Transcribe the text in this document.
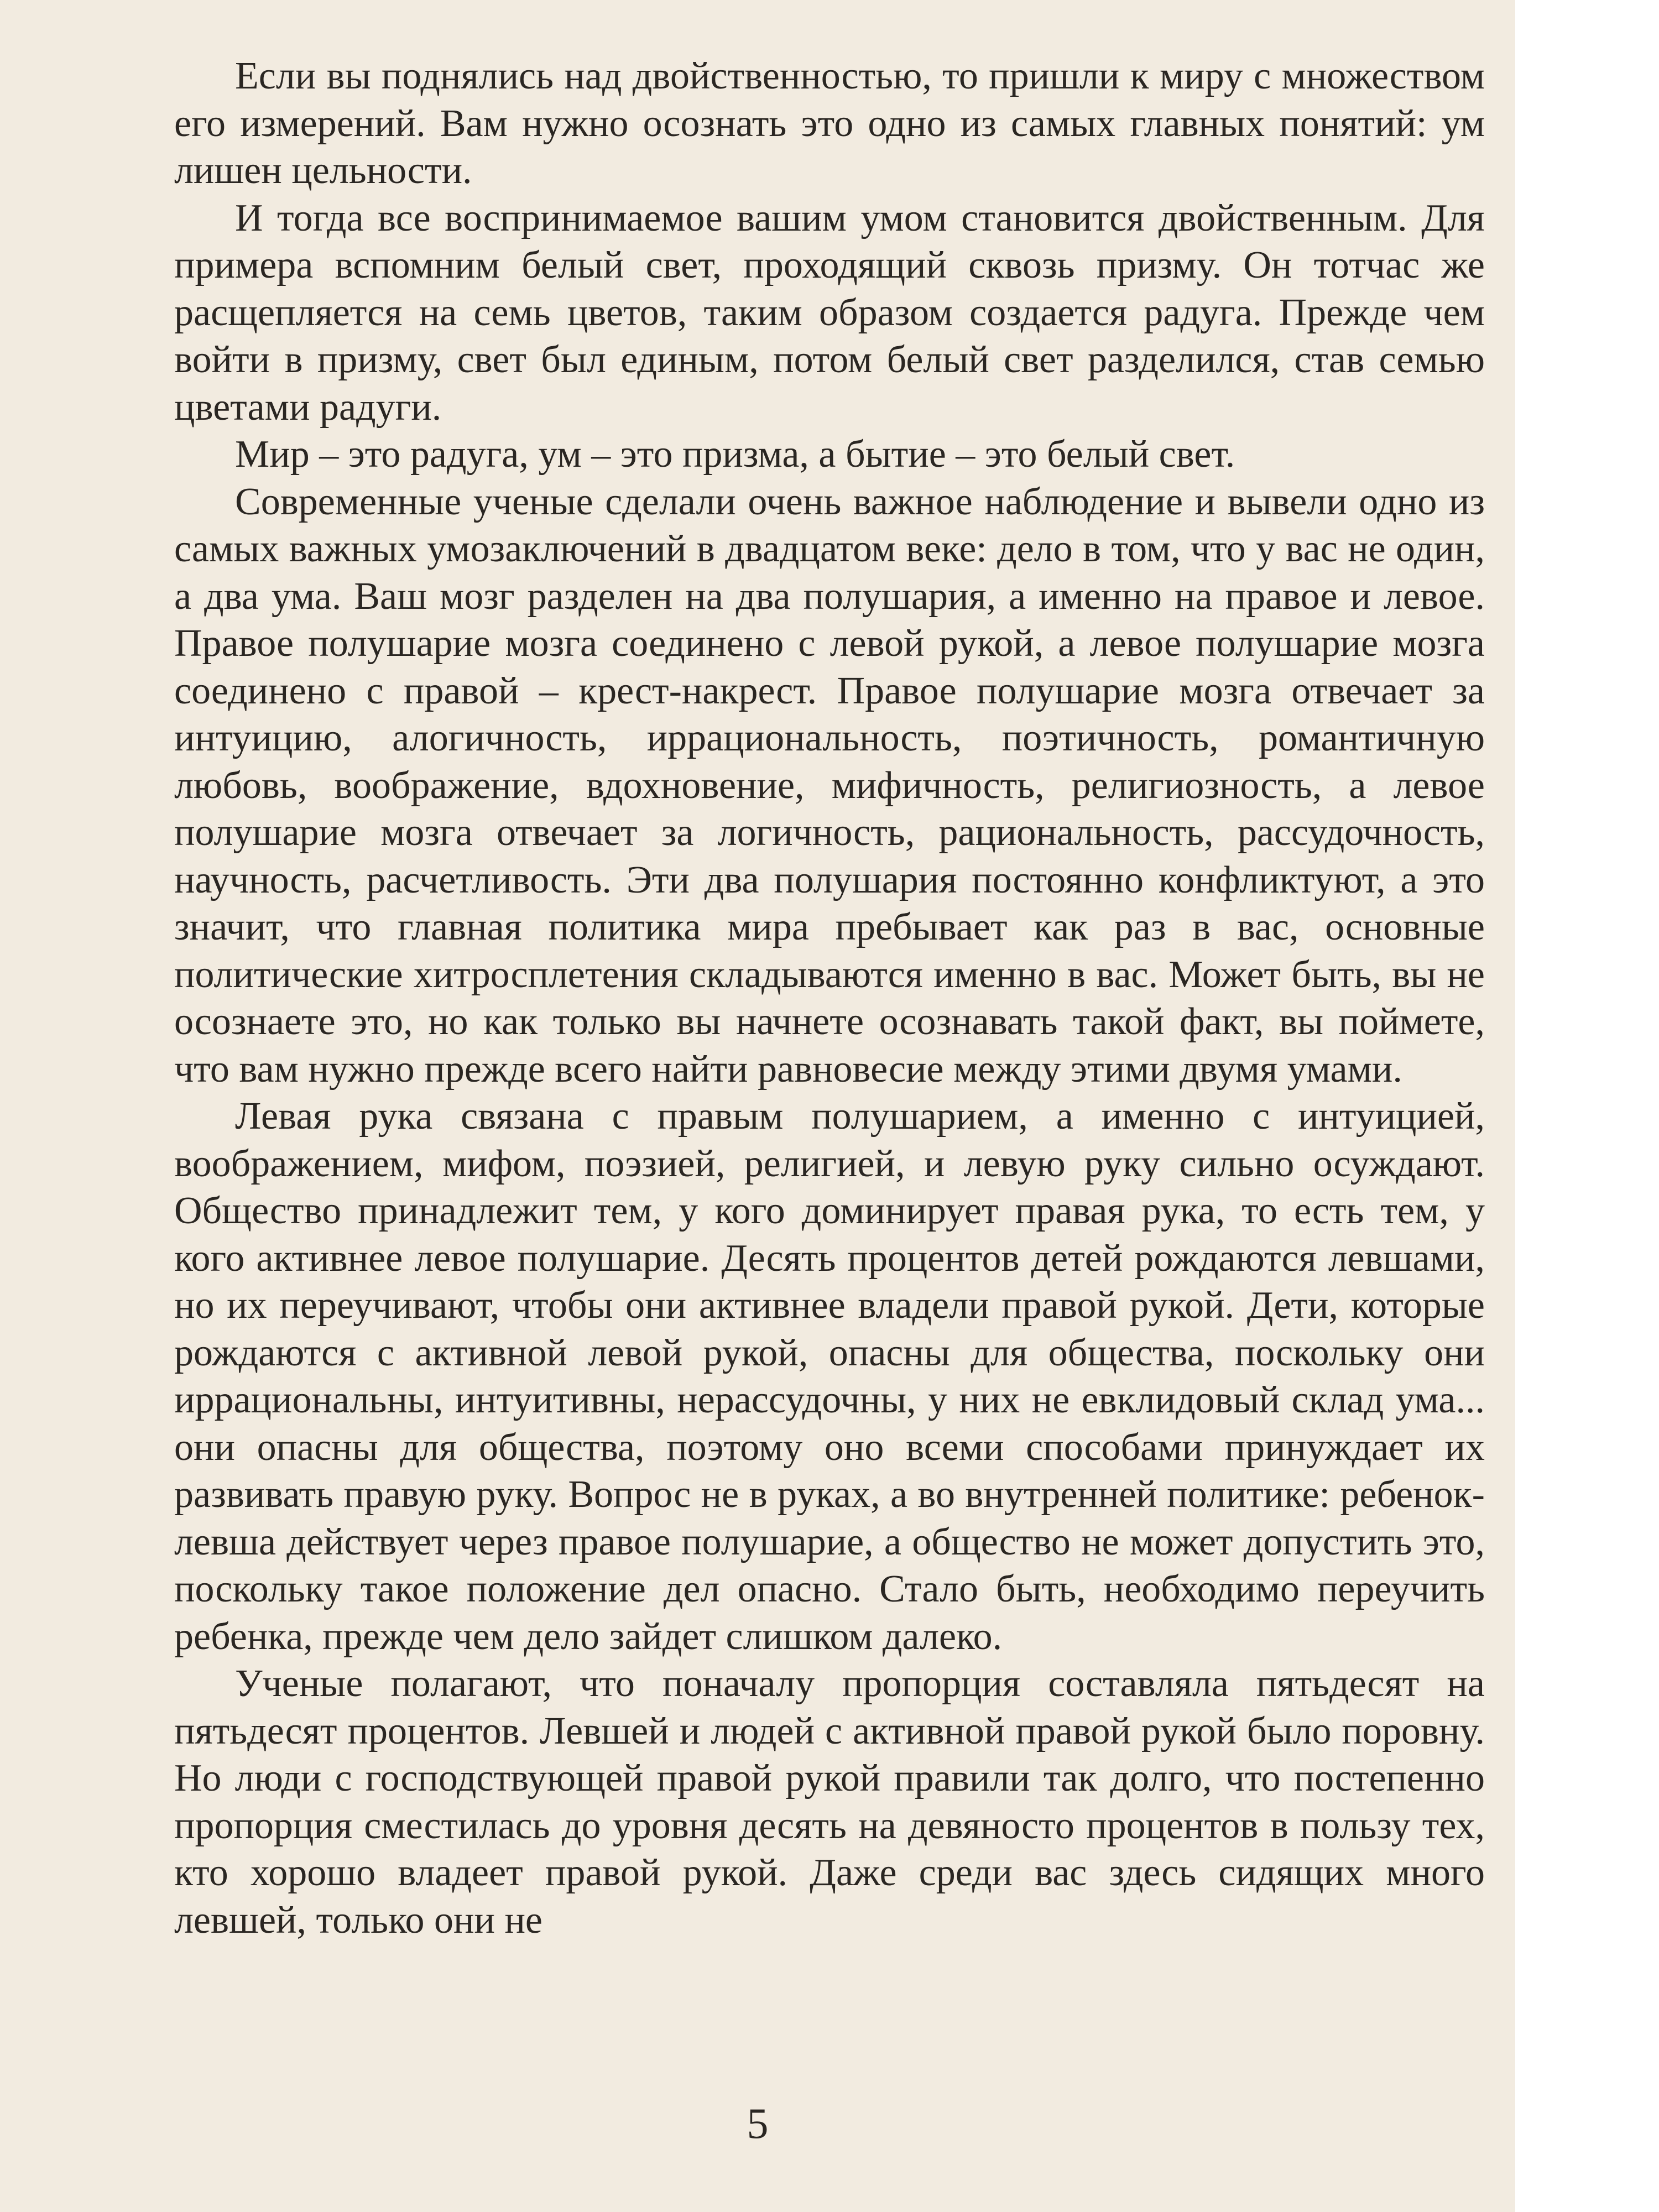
Если вы поднялись над двойственностью, то пришли к миру с множеством его измерений. Вам нужно осознать это одно из самых главных понятий: ум лишен цельности.

И тогда все воспринимаемое вашим умом становится двойственным. Для примера вспомним белый свет, проходящий сквозь призму. Он тотчас же расщепляется на семь цветов, таким образом создается радуга. Прежде чем войти в призму, свет был единым, потом белый свет разделился, став семью цветами радуги.

Мир – это радуга, ум – это призма, а бытие – это белый свет.

Современные ученые сделали очень важное наблюдение и вывели одно из самых важных умозаключений в двадцатом веке: дело в том, что у вас не один, а два ума. Ваш мозг разделен на два полушария, а именно на правое и левое. Правое полушарие мозга соединено с левой рукой, а левое полушарие мозга соединено с правой – крест-накрест. Правое полушарие мозга отвечает за интуицию, алогичность, иррациональность, поэтичность, романтичную любовь, воображение, вдохновение, мифичность, религиозность, а левое полушарие мозга отвечает за логичность, рациональность, рассудочность, научность, расчетливость. Эти два полушария постоянно конфликтуют, а это значит, что главная политика мира пребывает как раз в вас, основные политические хитросплетения складываются именно в вас. Может быть, вы не осознаете это, но как только вы начнете осознавать такой факт, вы поймете, что вам нужно прежде всего найти равновесие между этими двумя умами.

Левая рука связана с правым полушарием, а именно с интуицией, воображением, мифом, поэзией, религией, и левую руку сильно осуждают. Общество принадлежит тем, у кого доминирует правая рука, то есть тем, у кого активнее левое полушарие. Десять процентов детей рождаются левшами, но их переучивают, чтобы они активнее владели правой рукой. Дети, которые рождаются с активной левой рукой, опасны для общества, поскольку они иррациональны, интуитивны, нерассудочны, у них не евклидовый склад ума... они опасны для общества, поэтому оно всеми способами принуждает их развивать правую руку. Вопрос не в руках, а во внутренней политике: ребенок-левша действует через правое полушарие, а общество не может допустить это, поскольку такое положение дел опасно. Стало быть, необходимо переучить ребенка, прежде чем дело зайдет слишком далеко.

Ученые полагают, что поначалу пропорция составляла пятьдесят на пятьдесят процентов. Левшей и людей с активной правой рукой было поровну. Но люди с господствующей правой рукой правили так долго, что постепенно пропорция сместилась до уровня десять на девяносто процентов в пользу тех, кто хорошо владеет правой рукой. Даже среди вас здесь сидящих много левшей, только они не

5
